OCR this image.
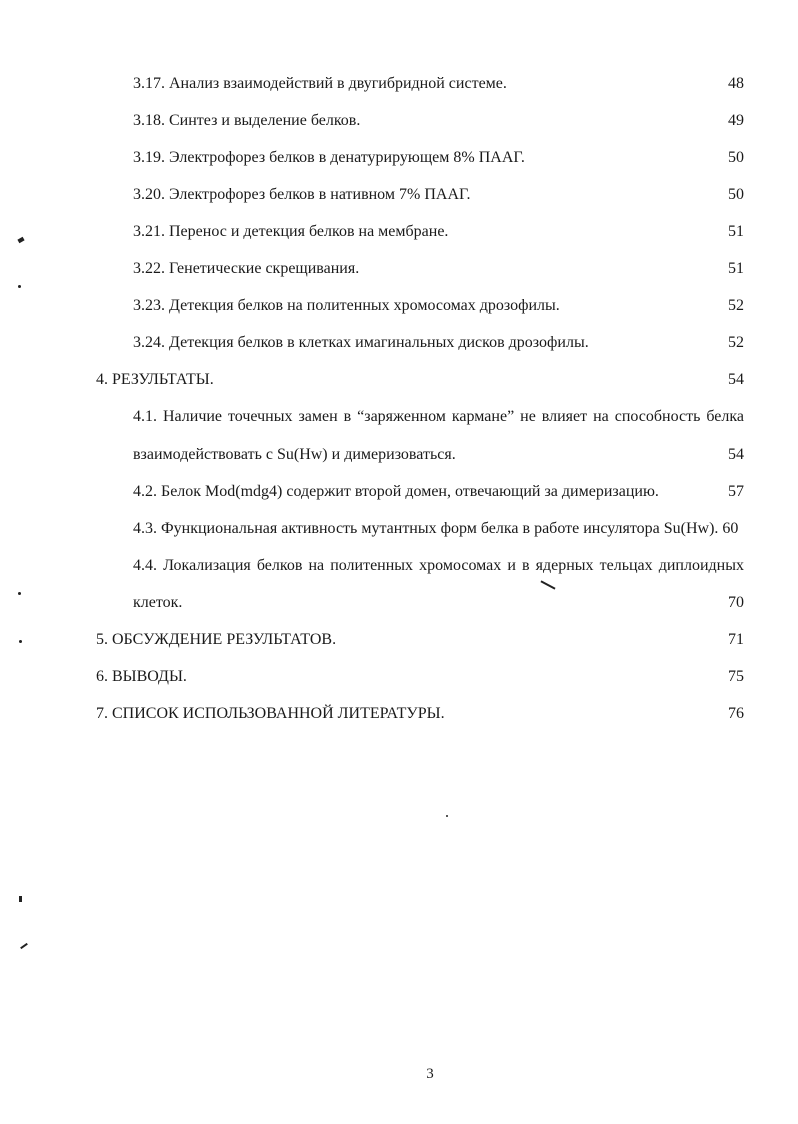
3.17. Анализ взаимодействий в двугибридной системе.	48
3.18. Синтез и выделение белков.	49
3.19. Электрофорез белков в денатурирующем 8% ПААГ.	50
3.20. Электрофорез белков в нативном 7% ПААГ.	50
3.21. Перенос и детекция белков на мембране.	51
3.22. Генетические скрещивания.	51
3.23. Детекция белков на политенных хромосомах дрозофилы.	52
3.24. Детекция белков в клетках имагинальных дисков дрозофилы.	52
4. РЕЗУЛЬТАТЫ.	54
4.1. Наличие точечных замен в “заряженном кармане” не влияет на способность белка
взаимодействовать с Su(Hw) и димеризоваться.	54
4.2. Белок Mod(mdg4) содержит второй домен, отвечающий за димеризацию.	57
4.3. Функциональная активность мутантных форм белка в работе инсулятора Su(Hw). 60
4.4. Локализация белков на политенных хромосомах и в ядерных тельцах диплоидных
клеток.	70
5. ОБСУЖДЕНИЕ РЕЗУЛЬТАТОВ.	71
6. ВЫВОДЫ.	75
7. СПИСОК ИСПОЛЬЗОВАННОЙ ЛИТЕРАТУРЫ.	76
3
